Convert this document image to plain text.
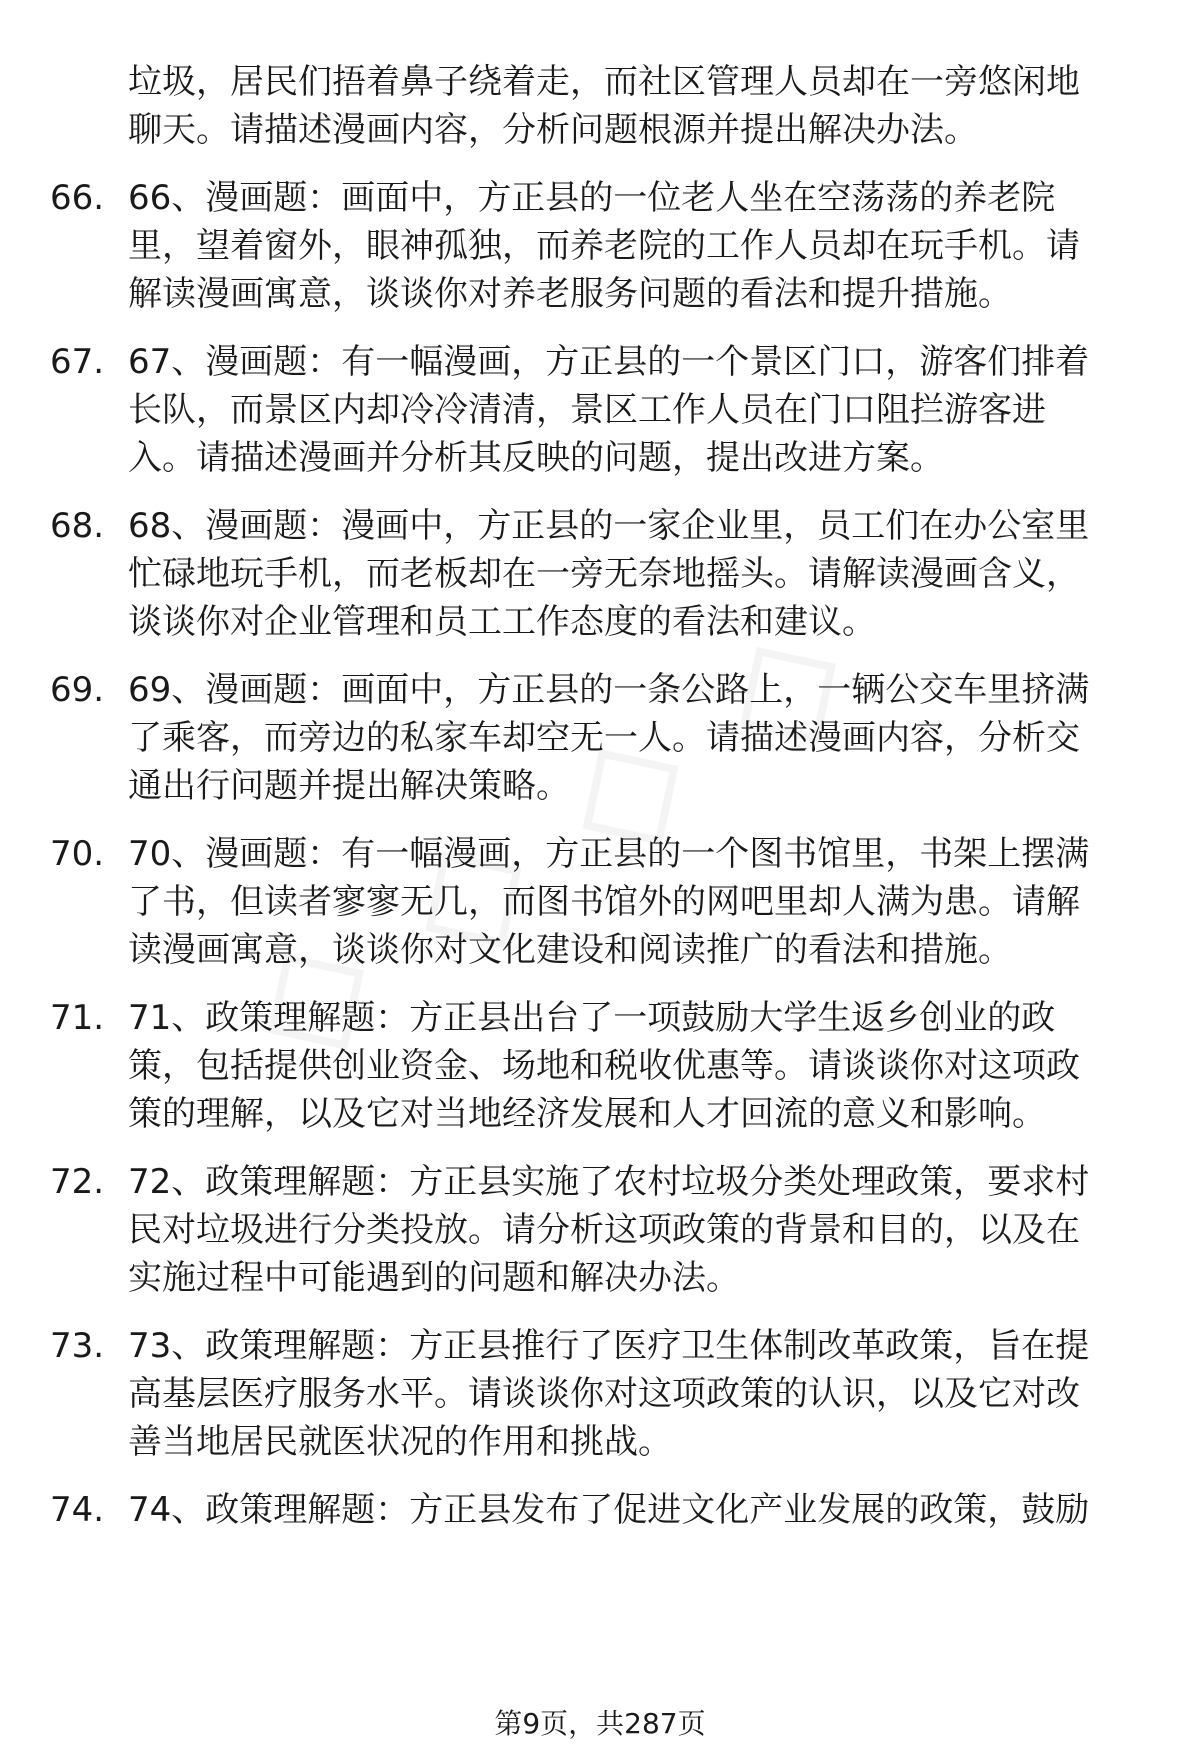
垃圾，居民们捂着鼻子绕着走，而社区管理人员却在一旁悠闲地
聊天。请描述漫画内容，分析问题根源并提出解决办法。
66. 66、漫画题：画面中，方正县的一位老人坐在空荡荡的养老院
里，望着窗外，眼神孤独，而养老院的工作人员却在玩手机。请
解读漫画寓意，谈谈你对养老服务问题的看法和提升措施。
67. 67、漫画题：有一幅漫画，方正县的一个景区门口，游客们排着
长队，而景区内却冷冷清清，景区工作人员在门口阻拦游客进
入。请描述漫画并分析其反映的问题，提出改进方案。
68. 68、漫画题：漫画中，方正县的一家企业里，员工们在办公室里
忙碌地玩手机，而老板却在一旁无奈地摇头。请解读漫画含义，
谈谈你对企业管理和员工工作态度的看法和建议。
69. 69、漫画题：画面中，方正县的一条公路上，一辆公交车里挤满
了乘客，而旁边的私家车却空无一人。请描述漫画内容，分析交
通出行问题并提出解决策略。
70. 70、漫画题：有一幅漫画，方正县的一个图书馆里，书架上摆满
了书，但读者寥寥无几，而图书馆外的网吧里却人满为患。请解
读漫画寓意，谈谈你对文化建设和阅读推广的看法和措施。
71. 71、政策理解题：方正县出台了一项鼓励大学生返乡创业的政
策，包括提供创业资金、场地和税收优惠等。请谈谈你对这项政
策的理解，以及它对当地经济发展和人才回流的意义和影响。
72. 72、政策理解题：方正县实施了农村垃圾分类处理政策，要求村
民对垃圾进行分类投放。请分析这项政策的背景和目的，以及在
实施过程中可能遇到的问题和解决办法。
73. 73、政策理解题：方正县推行了医疗卫生体制改革政策，旨在提
高基层医疗服务水平。请谈谈你对这项政策的认识，以及它对改
善当地居民就医状况的作用和挑战。
74. 74、政策理解题：方正县发布了促进文化产业发展的政策，鼓励
第9页，共287页
